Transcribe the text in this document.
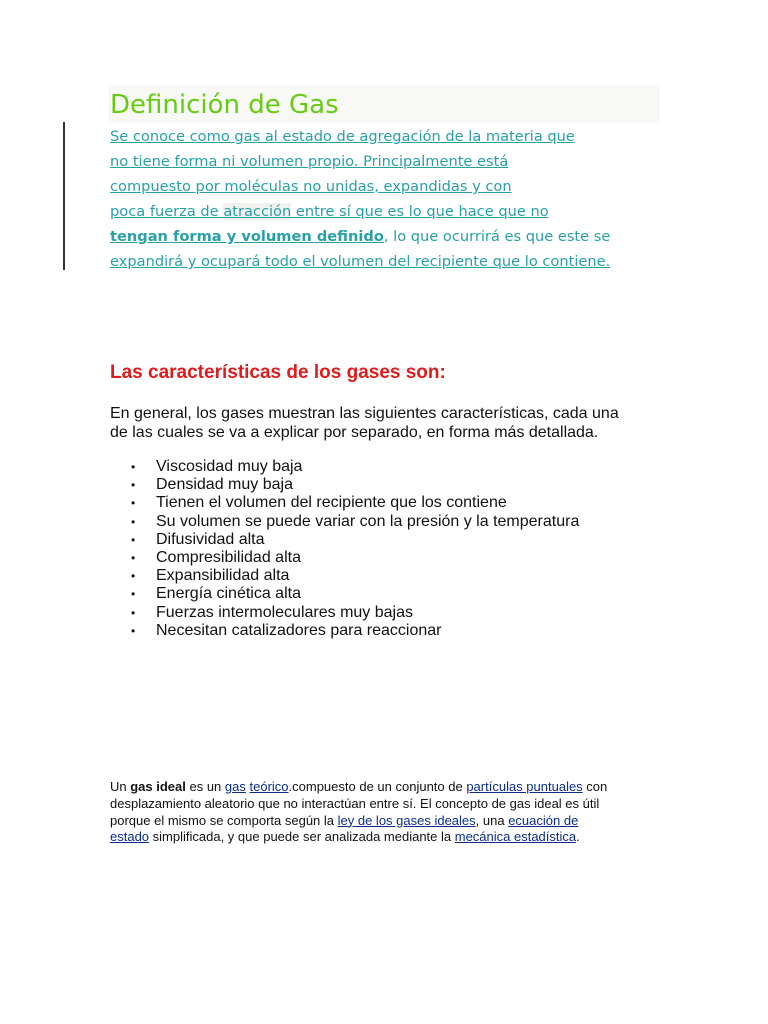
Definición de Gas
Se conoce como gas al estado de agregación de la materia que
no tiene forma ni volumen propio. Principalmente está
compuesto por moléculas no unidas, expandidas y con
poca fuerza de atracción entre sí que es lo que hace que no
tengan forma y volumen definido, lo que ocurrirá es que este se
expandirá y ocupará todo el volumen del recipiente que lo contiene.
Las características de los gases son:

En general, los gases muestran las siguientes características, cada una
de las cuales se va a explicar por separado, en forma más detallada.

• Viscosidad muy baja
• Densidad muy baja
• Tienen el volumen del recipiente que los contiene
• Su volumen se puede variar con la presión y la temperatura
• Difusividad alta
• Compresibilidad alta
• Expansibilidad alta
• Energía cinética alta
• Fuerzas intermoleculares muy bajas
• Necesitan catalizadores para reaccionar

Un gas ideal es un gas teórico.compuesto de un conjunto de partículas puntuales con desplazamiento aleatorio que no interactúan entre sí. El concepto de gas ideal es útil porque el mismo se comporta según la ley de los gases ideales, una ecuación de estado simplificada, y que puede ser analizada mediante la mecánica estadística.
